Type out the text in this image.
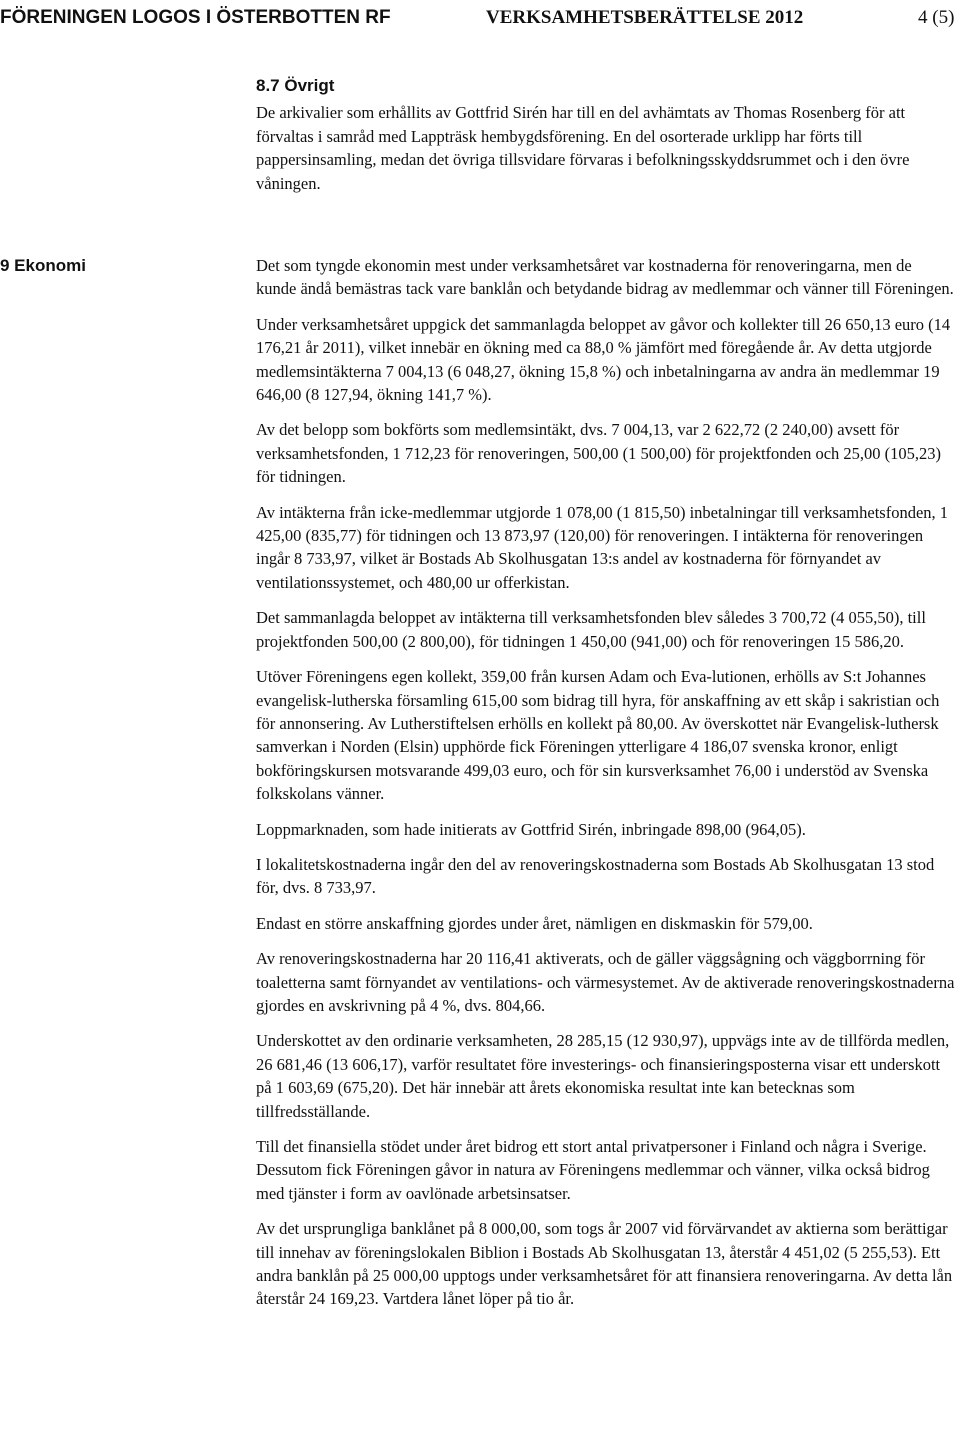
FÖRENINGEN LOGOS I ÖSTERBOTTEN RF	VERKSAMHETSBERÄTTELSE 2012	4 (5)
8.7 Övrigt

De arkivalier som erhållits av Gottfrid Sirén har till en del avhämtats av Thomas Rosenberg för att förvaltas i samråd med Lappträsk hembygdsförening. En del osorterade urklipp har förts till pappersinsamling, medan det övriga tillsvidare förvaras i befolkningsskyddsrummet och i den övre våningen.

9 Ekonomi	Det som tyngde ekonomin mest under verksamhetsåret var kostnaderna för renoveringarna, men de kunde ändå bemästras tack vare banklån och betydande bidrag av medlemmar och vänner till Föreningen.

Under verksamhetsåret uppgick det sammanlagda beloppet av gåvor och kollekter till 26 650,13 euro (14 176,21 år 2011), vilket innebär en ökning med ca 88,0 % jämfört med föregående år. Av detta utgjorde medlemsintäkterna 7 004,13 (6 048,27, ökning 15,8 %) och inbetalningarna av andra än medlemmar 19 646,00 (8 127,94, ökning 141,7 %).

Av det belopp som bokförts som medlemsintäkt, dvs. 7 004,13, var 2 622,72 (2 240,00) avsett för verksamhetsfonden, 1 712,23 för renoveringen, 500,00 (1 500,00) för projektfonden och 25,00 (105,23) för tidningen.

Av intäkterna från icke-medlemmar utgjorde 1 078,00 (1 815,50) inbetalningar till verksamhetsfonden, 1 425,00 (835,77) för tidningen och 13 873,97 (120,00) för renoveringen. I intäkterna för renoveringen ingår 8 733,97, vilket är Bostads Ab Skolhusgatan 13:s andel av kostnaderna för förnyandet av ventilationssystemet, och 480,00 ur offerkistan.

Det sammanlagda beloppet av intäkterna till verksamhetsfonden blev således 3 700,72 (4 055,50), till projektfonden 500,00 (2 800,00), för tidningen 1 450,00 (941,00) och för renoveringen 15 586,20.

Utöver Föreningens egen kollekt, 359,00 från kursen Adam och Eva-lutionen, erhölls av S:t Johannes evangelisk-lutherska församling 615,00 som bidrag till hyra, för anskaffning av ett skåp i sakristian och för annonsering. Av Lutherstiftelsen erhölls en kollekt på 80,00. Av överskottet när Evangelisk-luthersk samverkan i Norden (Elsin) upphörde fick Föreningen ytterligare 4 186,07 svenska kronor, enligt bokföringskursen motsvarande 499,03 euro, och för sin kursverksamhet 76,00 i understöd av Svenska folkskolans vänner.

Loppmarknaden, som hade initierats av Gottfrid Sirén, inbringade 898,00 (964,05).

I lokalitetskostnaderna ingår den del av renoveringskostnaderna som Bostads Ab Skolhusgatan 13 stod för, dvs. 8 733,97.

Endast en större anskaffning gjordes under året, nämligen en diskmaskin för 579,00.

Av renoveringskostnaderna har 20 116,41 aktiverats, och de gäller väggsågning och väggborrning för toaletterna samt förnyandet av ventilations- och värmesystemet. Av de aktiverade renoveringskostnaderna gjordes en avskrivning på 4 %, dvs. 804,66.

Underskottet av den ordinarie verksamheten, 28 285,15 (12 930,97), uppvägs inte av de tillförda medlen, 26 681,46 (13 606,17), varför resultatet före investerings- och finansieringsposterna visar ett underskott på 1 603,69 (675,20). Det här innebär att årets ekonomiska resultat inte kan betecknas som tillfredsställande.

Till det finansiella stödet under året bidrog ett stort antal privatpersoner i Finland och några i Sverige. Dessutom fick Föreningen gåvor in natura av Föreningens medlemmar och vänner, vilka också bidrog med tjänster i form av oavlönade arbetsinsatser.

Av det ursprungliga banklånet på 8 000,00, som togs år 2007 vid förvärvandet av aktierna som berättigar till innehav av föreningslokalen Biblion i Bostads Ab Skolhusgatan 13, återstår 4 451,02 (5 255,53). Ett andra banklån på 25 000,00 upptogs under verksamhetsåret för att finansiera renoveringarna. Av detta lån återstår 24 169,23. Vartdera lånet löper på tio år.
